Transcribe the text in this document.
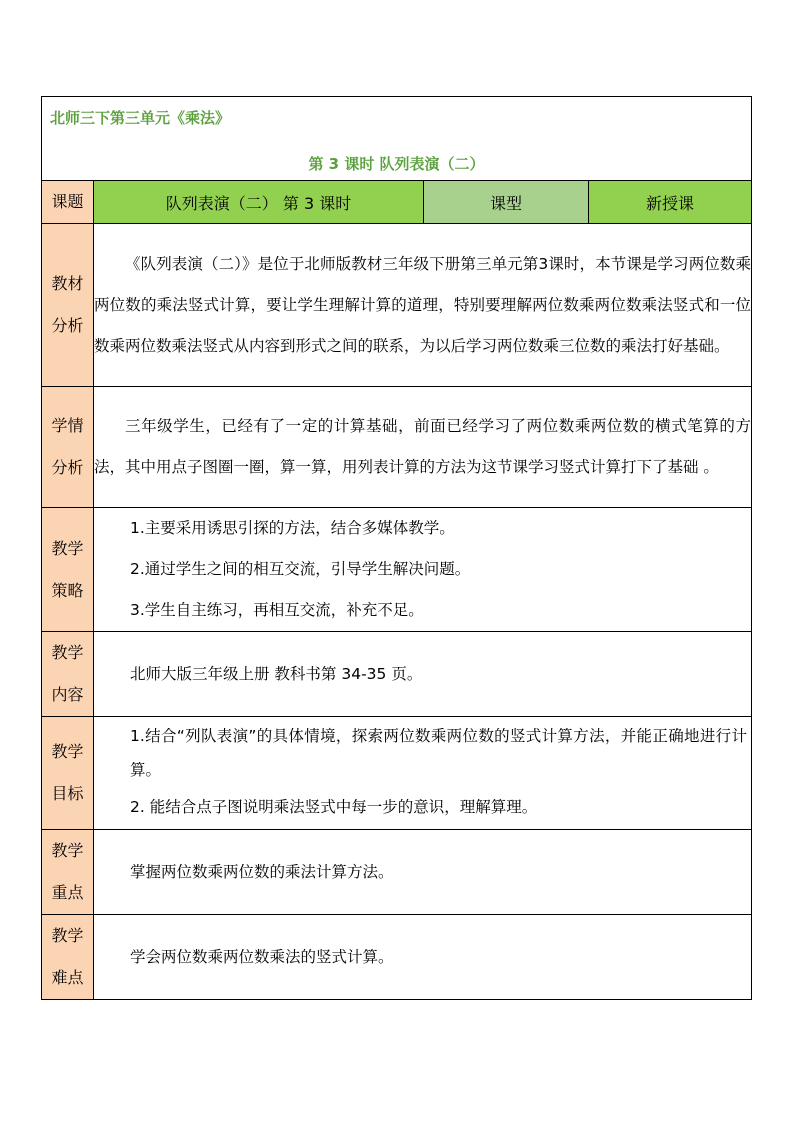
北师三下第三单元《乘法》
第 3 课时 队列表演（二）			

课题	队列表演（二） 第 3 课时	课型	新授课

教材
分析	《队列表演（二）》是位于北师版教材三年级下册第三单元第3课时，本节课是学习两位数乘两位数的乘法竖式计算，要让学生理解计算的道理，特别要理解两位数乘两位数乘法竖式和一位数乘两位数乘法竖式从内容到形式之间的联系，为以后学习两位数乘三位数的乘法打好基础。		

学情
分析	三年级学生，已经有了一定的计算基础，前面已经学习了两位数乘两位数的横式笔算的方法，其中用点子图圈一圈，算一算，用列表计算的方法为这节课学习竖式计算打下了基础 。		

教学
策略	1.主要采用诱思引探的方法，结合多媒体教学。
2.通过学生之间的相互交流，引导学生解决问题。
3.学生自主练习，再相互交流，补充不足。		

教学
内容	北师大版三年级上册 教科书第 34-35 页。		

教学
目标	1.结合“列队表演”的具体情境，探索两位数乘两位数的竖式计算方法，并能正确地进行计算。
2. 能结合点子图说明乘法竖式中每一步的意识，理解算理。		

教学
重点	掌握两位数乘两位数的乘法计算方法。		

教学
难点	学会两位数乘两位数乘法的竖式计算。		
